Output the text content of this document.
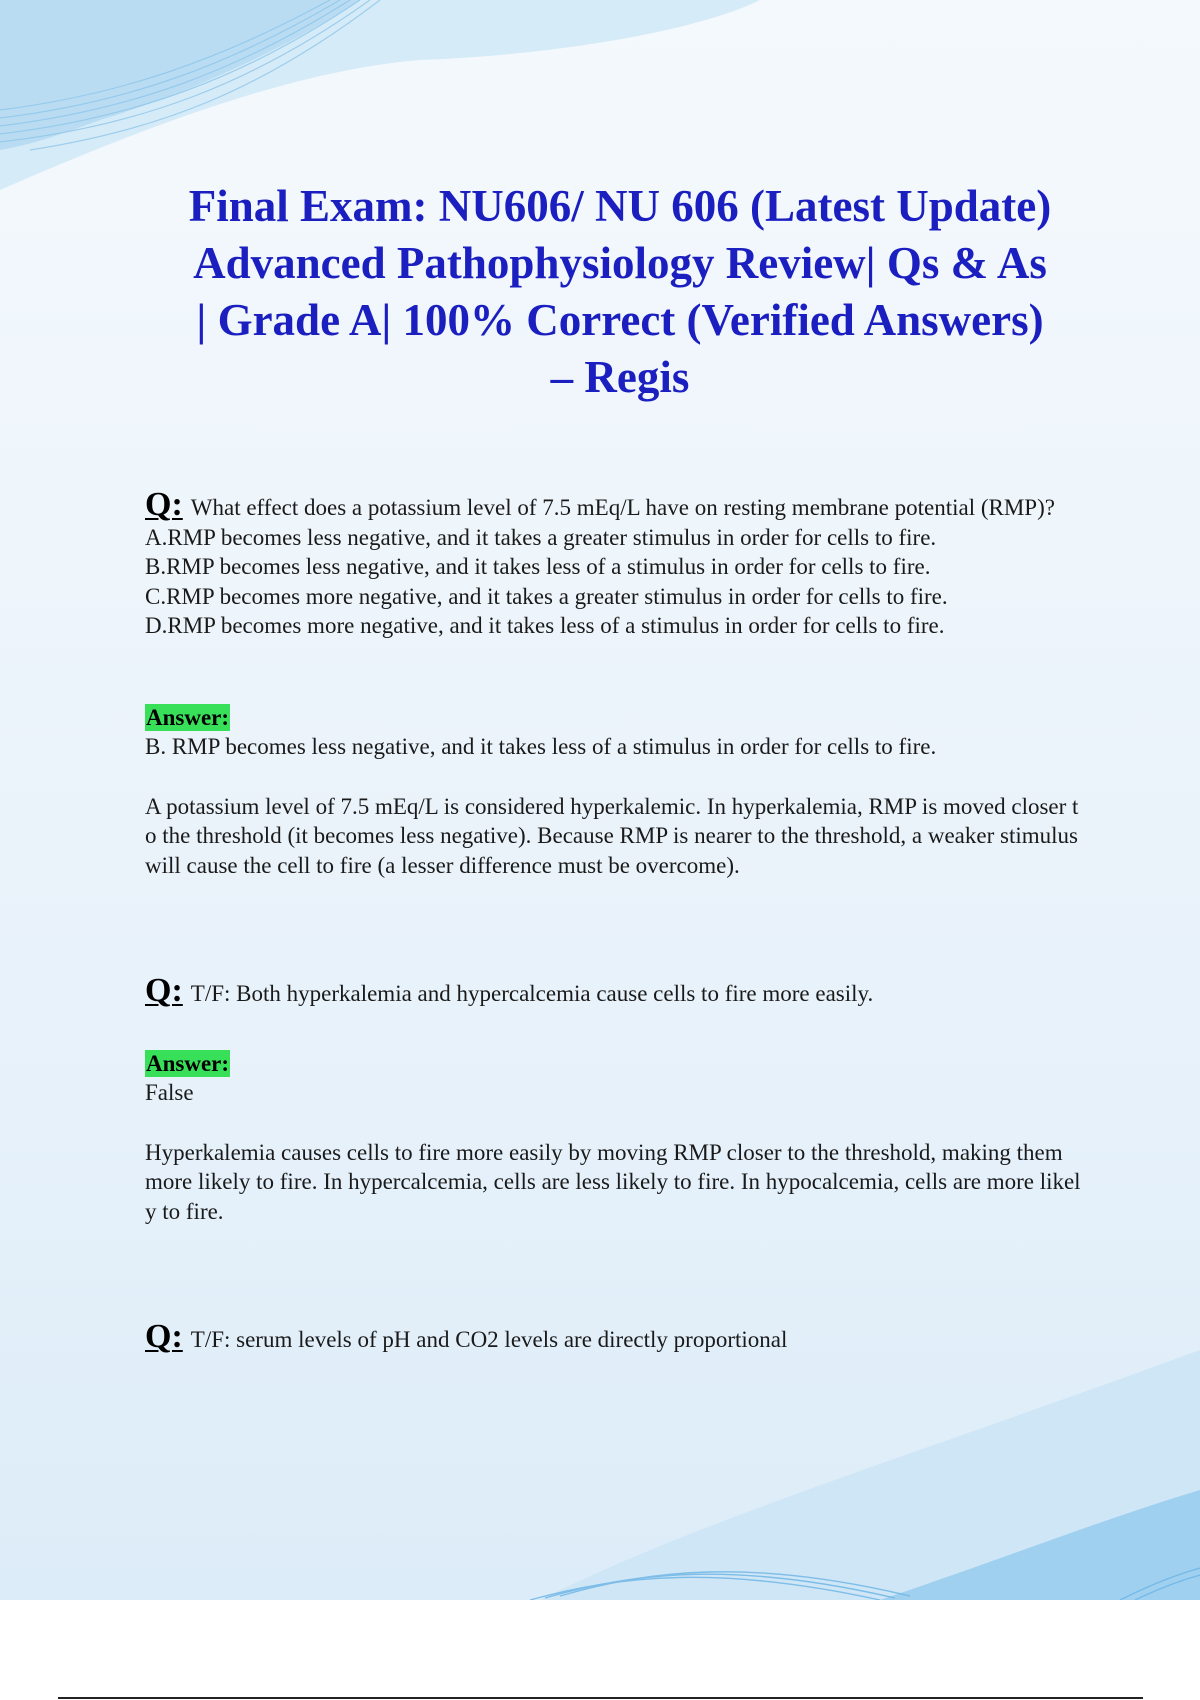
Final Exam: NU606/ NU 606 (Latest Update)
Advanced Pathophysiology Review| Qs & As
| Grade A| 100% Correct (Verified Answers)
– Regis

Q: What effect does a potassium level of 7.5 mEq/L have on resting membrane potential (RMP)?

A.RMP becomes less negative, and it takes a greater stimulus in order for cells to fire.

B.RMP becomes less negative, and it takes less of a stimulus in order for cells to fire.

C.RMP becomes more negative, and it takes a greater stimulus in order for cells to fire.

D.RMP becomes more negative, and it takes less of a stimulus in order for cells to fire.

Answer:

B. RMP becomes less negative, and it takes less of a stimulus in order for cells to fire.

A potassium level of 7.5 mEq/L is considered hyperkalemic. In hyperkalemia, RMP is moved closer to the threshold (it becomes less negative). Because RMP is nearer to the threshold, a weaker stimulus will cause the cell to fire (a lesser difference must be overcome).

Q: T/F: Both hyperkalemia and hypercalcemia cause cells to fire more easily.

Answer:

False

Hyperkalemia causes cells to fire more easily by moving RMP closer to the threshold, making them more likely to fire. In hypercalcemia, cells are less likely to fire. In hypocalcemia, cells are more likely to fire.

Q: T/F: serum levels of pH and CO2 levels are directly proportional
